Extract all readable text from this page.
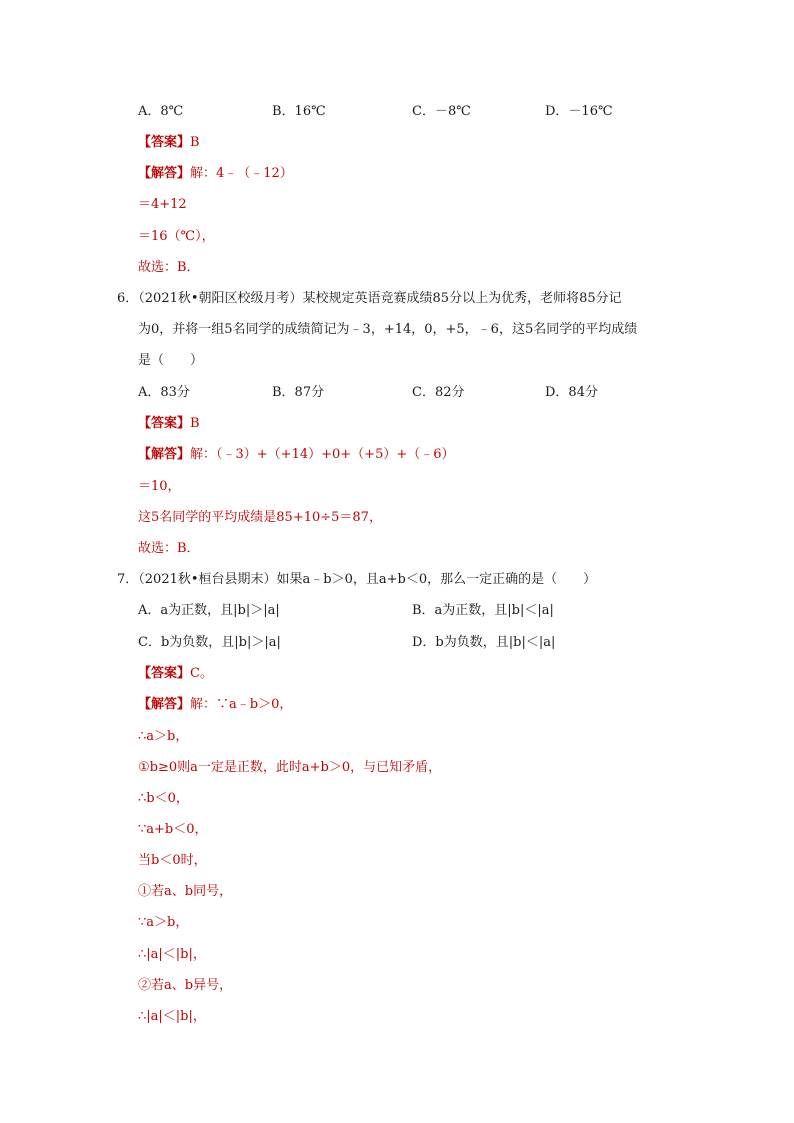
A．8℃	B．16℃	C．－8℃	D．－16℃
【答案】B
【解答】解：4﹣（﹣12）
＝4+12
＝16（℃），
故选：B．
6．（2021秋•朝阳区校级月考）某校规定英语竞赛成绩85分以上为优秀，老师将85分记
为0，并将一组5名同学的成绩简记为﹣3，+14，0，+5，﹣6，这5名同学的平均成绩
是（　　）
A．83分	B．87分	C．82分	D．84分
【答案】B
【解答】解：（﹣3）+（+14）+0+（+5）+（﹣6）
＝10，
这5名同学的平均成绩是85+10÷5＝87，
故选：B．
7．（2021秋•桓台县期末）如果a﹣b＞0，且a+b＜0，那么一定正确的是（　　）
A．a为正数，且|b|＞|a|	B．a为正数，且|b|＜|a|
C．b为负数，且|b|＞|a|	D．b为负数，且|b|＜|a|
【答案】C。
【解答】解：∵a﹣b＞0，
∴a＞b，
①b≥0则a一定是正数，此时a+b＞0，与已知矛盾，
∴b＜0，
∵a+b＜0，
当b＜0时，
①若a、b同号，
∵a＞b，
∴|a|＜|b|，
②若a、b异号，
∴|a|＜|b|，
